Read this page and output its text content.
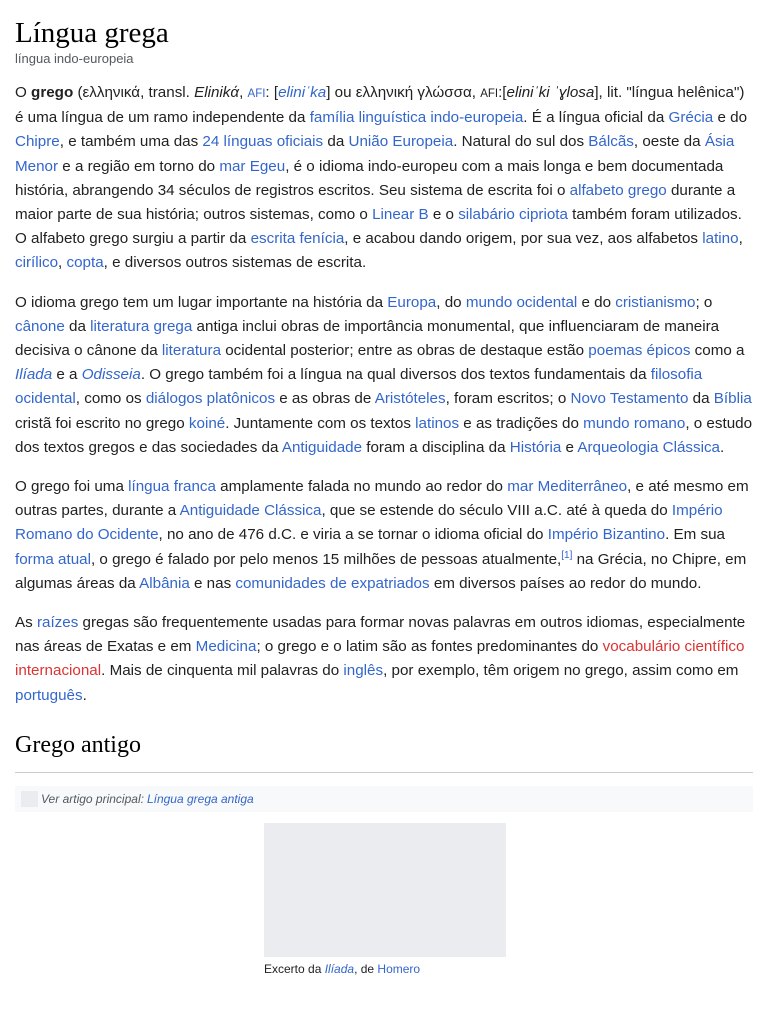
Língua grega
língua indo-europeia

O grego (ελληνικά, transl. Elinikά, AFI: [eliniˈka] ou ελληνική γλώσσα, AFI:[eliniˈki ˈɣlosa], lit. "língua helênica") é uma língua de um ramo independente da família linguística indo-europeia. É a língua oficial da Grécia e do Chipre, e também uma das 24 línguas oficiais da União Europeia. Natural do sul dos Bálcãs, oeste da Ásia Menor e a região em torno do mar Egeu, é o idioma indo-europeu com a mais longa e bem documentada história, abrangendo 34 séculos de registros escritos. Seu sistema de escrita foi o alfabeto grego durante a maior parte de sua história; outros sistemas, como o Linear B e o silabário cipriota também foram utilizados. O alfabeto grego surgiu a partir da escrita fenícia, e acabou dando origem, por sua vez, aos alfabetos latino, cirílico, copta, e diversos outros sistemas de escrita.

O idioma grego tem um lugar importante na história da Europa, do mundo ocidental e do cristianismo; o cânone da literatura grega antiga inclui obras de importância monumental, que influenciaram de maneira decisiva o cânone da literatura ocidental posterior; entre as obras de destaque estão poemas épicos como a Ilíada e a Odisseia. O grego também foi a língua na qual diversos dos textos fundamentais da filosofia ocidental, como os diálogos platônicos e as obras de Aristóteles, foram escritos; o Novo Testamento da Bíblia cristã foi escrito no grego koiné. Juntamente com os textos latinos e as tradições do mundo romano, o estudo dos textos gregos e das sociedades da Antiguidade foram a disciplina da História e Arqueologia Clássica.

O grego foi uma língua franca amplamente falada no mundo ao redor do mar Mediterrâneo, e até mesmo em outras partes, durante a Antiguidade Clássica, que se estende do século VIII a.C. até à queda do Império Romano do Ocidente, no ano de 476 d.C. e viria a se tornar o idioma oficial do Império Bizantino. Em sua forma atual, o grego é falado por pelo menos 15 milhões de pessoas atualmente,[1] na Grécia, no Chipre, em algumas áreas da Albânia e nas comunidades de expatriados em diversos países ao redor do mundo.

As raízes gregas são frequentemente usadas para formar novas palavras em outros idiomas, especialmente nas áreas de Exatas e em Medicina; o grego e o latim são as fontes predominantes do vocabulário científico internacional. Mais de cinquenta mil palavras do inglês, por exemplo, têm origem no grego, assim como em português.

Grego antigo
Ver artigo principal: Língua grega antiga
Excerto da Ilíada, de Homero
